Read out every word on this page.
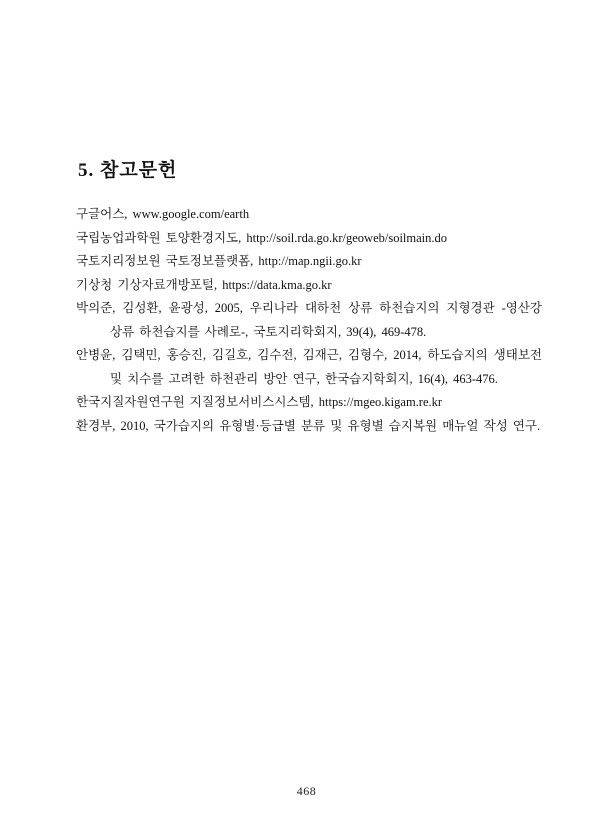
5. 참고문헌

구글어스, www.google.com/earth

국립농업과학원 토양환경지도, http://soil.rda.go.kr/geoweb/soilmain.do

국토지리정보원 국토정보플랫폼, http://map.ngii.go.kr

기상청 기상자료개방포털, https://data.kma.go.kr

박의준, 김성환, 윤광성, 2005, 우리나라 대하천 상류 하천습지의 지형경관 -영산강 상류 하천습지를 사례로-, 국토지리학회지, 39(4), 469-478.

안병윤, 김택민, 홍승진, 김길호, 김수전, 김재근, 김형수, 2014, 하도습지의 생태보전 및 치수를 고려한 하천관리 방안 연구, 한국습지학회지, 16(4), 463-476.

한국지질자원연구원 지질정보서비스시스템, https://mgeo.kigam.re.kr

환경부, 2010, 국가습지의 유형별·등급별 분류 및 유형별 습지복원 매뉴얼 작성 연구.

468
